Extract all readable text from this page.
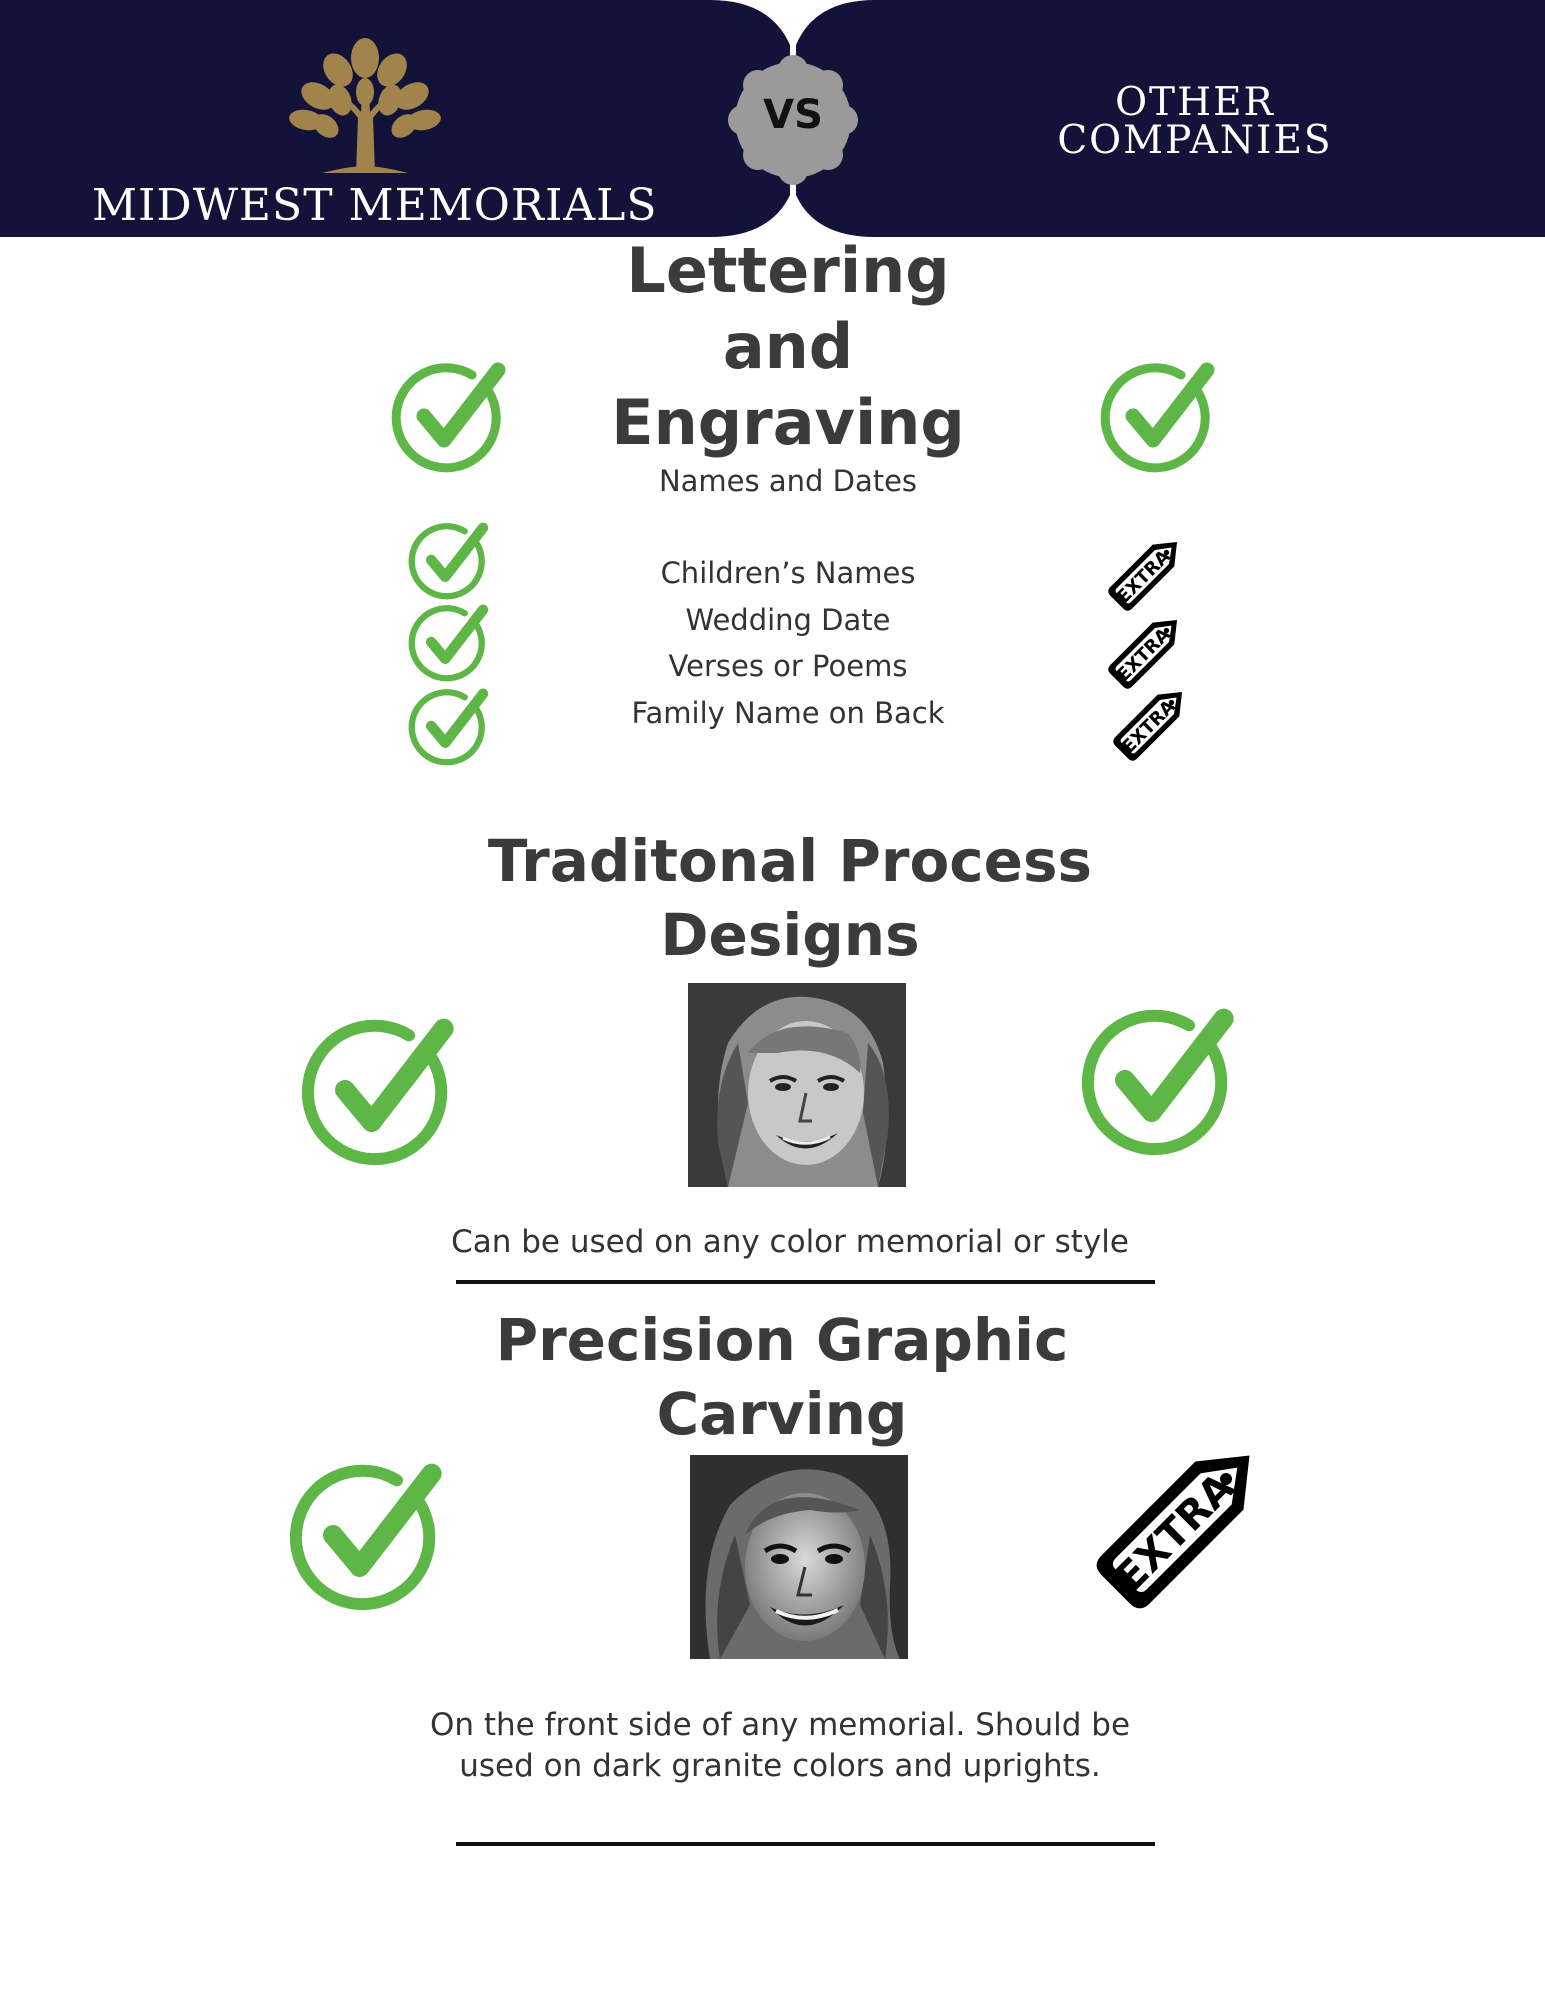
MIDWEST MEMORIALS
VS	OTHER
COMPANIES
Lettering
and
Engraving
Names and Dates
Children’s Names
Wedding Date
Verses or Poems
Family Name on Back
Traditonal Process
Designs
Can be used on any color memorial or style
Precision Graphic
Carving
On the front side of any memorial. Should be
used on dark granite colors and uprights.
